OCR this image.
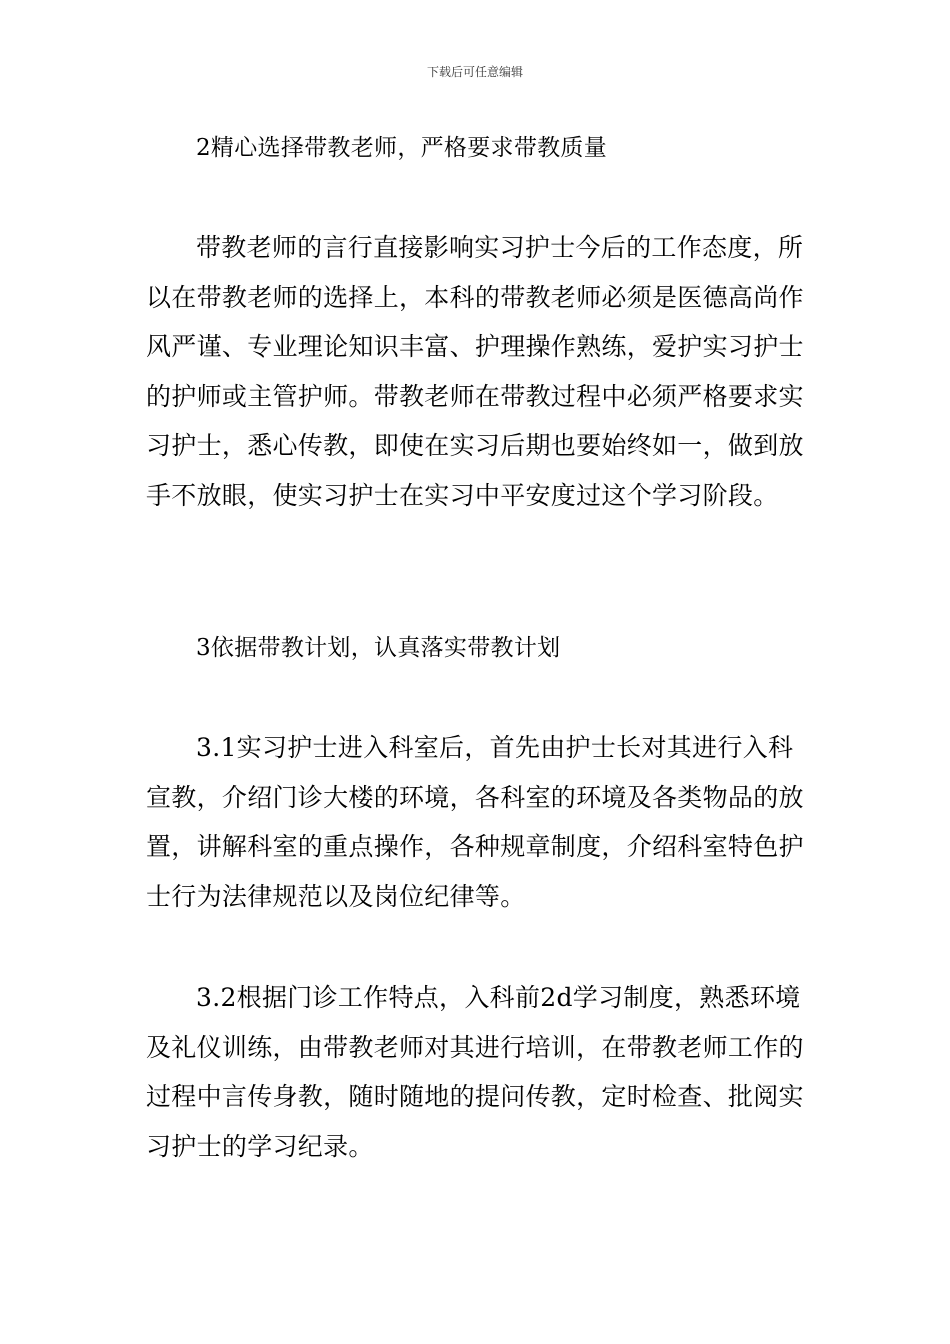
下载后可任意编辑

2精心选择带教老师，严格要求带教质量

带教老师的言行直接影响实习护士今后的工作态度，所以在带教老师的选择上，本科的带教老师必须是医德高尚作风严谨、专业理论知识丰富、护理操作熟练，爱护实习护士的护师或主管护师。带教老师在带教过程中必须严格要求实习护士，悉心传教，即使在实习后期也要始终如一，做到放手不放眼，使实习护士在实习中平安度过这个学习阶段。

3依据带教计划，认真落实带教计划

3.1实习护士进入科室后，首先由护士长对其进行入科宣教，介绍门诊大楼的环境，各科室的环境及各类物品的放置，讲解科室的重点操作，各种规章制度，介绍科室特色护士行为法律规范以及岗位纪律等。

3.2根据门诊工作特点，入科前2d学习制度，熟悉环境及礼仪训练，由带教老师对其进行培训，在带教老师工作的过程中言传身教，随时随地的提问传教，定时检查、批阅实习护士的学习纪录。
